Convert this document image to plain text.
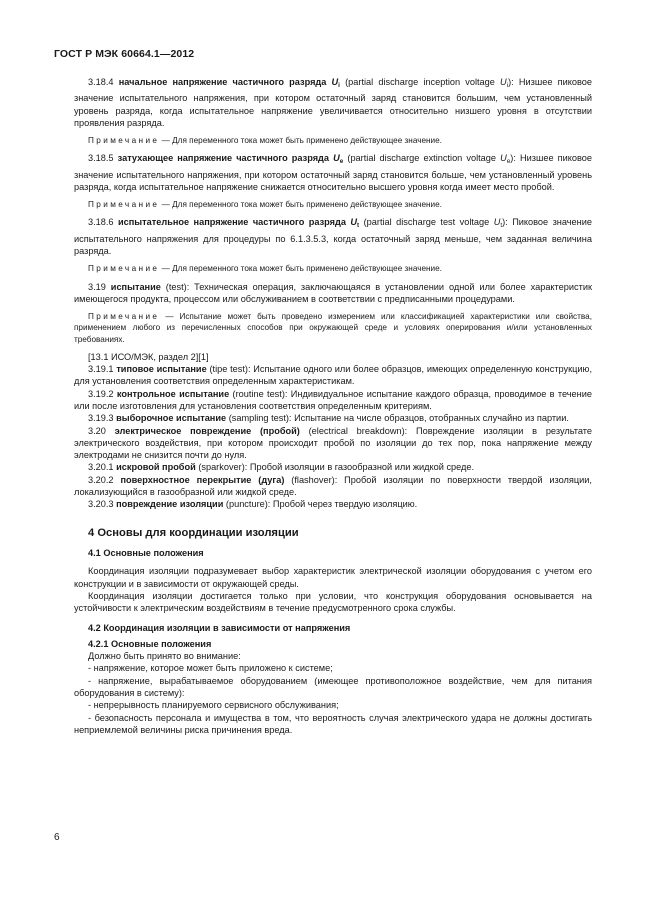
ГОСТ Р МЭК 60664.1—2012

3.18.4 начальное напряжение частичного разряда $U_i$ (partial discharge inception voltage $U_i$): Низшее пиковое значение испытательного напряжения, при котором остаточный заряд становится большим, чем установленный уровень разряда, когда испытательное напряжение увеличивается относительно низшего уровня в отсутствии проявления разряда.

Примечание — Для переменного тока может быть применено действующее значение.

3.18.5 затухающее напряжение частичного разряда $U_e$ (partial discharge extinction voltage $U_e$): Низшее пиковое значение испытательного напряжения, при котором остаточный заряд становится больше, чем установленный уровень разряда, когда испытательное напряжение снижается относительно высшего уровня когда имеет место пробой.

Примечание — Для переменного тока может быть применено действующее значение.

3.18.6 испытательное напряжение частичного разряда $U_t$ (partial discharge test voltage $U_t$): Пиковое значение испытательного напряжения для процедуры по 6.1.3.5.3, когда остаточный заряд меньше, чем заданная величина разряда.

Примечание — Для переменного тока может быть применено действующее значение.

3.19 испытание (test): Техническая операция, заключающаяся в установлении одной или более характеристик имеющегося продукта, процессом или обслуживанием в соответствии с предписанными процедурами.

Примечание — Испытание может быть проведено измерением или классификацией характеристики или свойства, применением любого из перечисленных способов при окружающей среде и условиях оперирования и/или установленных требованиях.

[13.1 ИСО/МЭК, раздел 2][1]

3.19.1 типовое испытание (tipe test): Испытание одного или более образцов, имеющих определенную конструкцию, для установления соответствия определенным характеристикам.

3.19.2 контрольное испытание (routine test): Индивидуальное испытание каждого образца, проводимое в течение или после изготовления для установления соответствия определенным критериям.

3.19.3 выборочное испытание (sampling test): Испытание на числе образцов, отобранных случайно из партии.

3.20 электрическое повреждение (пробой) (electrical breakdown): Повреждение изоляции в результате электрического воздействия, при котором происходит пробой по изоляции до тех пор, пока напряжение между электродами не снизится почти до нуля.

3.20.1 искровой пробой (sparkover): Пробой изоляции в газообразной или жидкой среде.

3.20.2 поверхностное перекрытие (дуга) (flashover): Пробой изоляции по поверхности твердой изоляции, локализующийся в газообразной или жидкой среде.

3.20.3 повреждение изоляции (puncture): Пробой через твердую изоляцию.

4 Основы для координации изоляции

4.1 Основные положения

Координация изоляции подразумевает выбор характеристик электрической изоляции оборудования с учетом его конструкции и в зависимости от окружающей среды.

Координация изоляции достигается только при условии, что конструкция оборудования основывается на устойчивости к электрическим воздействиям в течение предусмотренного срока службы.

4.2 Координация изоляции в зависимости от напряжения

4.2.1 Основные положения

Должно быть принято во внимание:

- напряжение, которое может быть приложено к системе;

- напряжение, вырабатываемое оборудованием (имеющее противоположное воздействие, чем для питания оборудования в систему):

- непрерывность планируемого сервисного обслуживания;

- безопасность персонала и имущества в том, что вероятность случая электрического удара не должны достигать неприемлемой величины риска причинения вреда.

6
